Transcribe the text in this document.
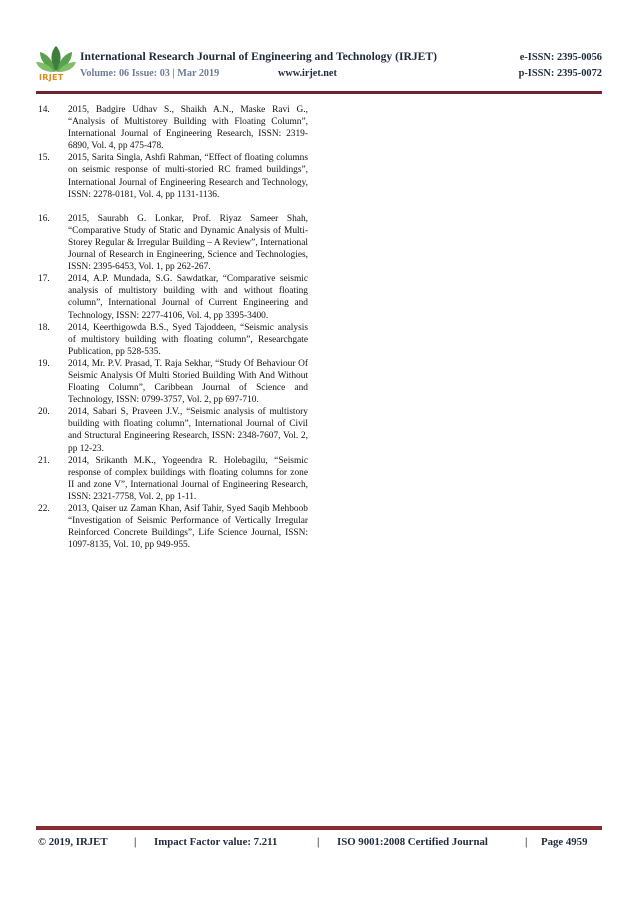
IRJET
International Research Journal of Engineering and Technology (IRJET)	e-ISSN: 2395-0056
Volume: 06 Issue: 03 | Mar 2019	www.irjet.net	p-ISSN: 2395-0072
14. 2015, Badgire Udhav S., Shaikh A.N., Maske Ravi G., “Analysis of Multistorey Building with Floating Column”, International Journal of Engineering Research, ISSN: 2319-6890, Vol. 4, pp 475-478.
15. 2015, Sarita Singla, Ashfi Rahman, “Effect of floating columns on seismic response of multi-storied RC framed buildings”, International Journal of Engineering Research and Technology, ISSN: 2278-0181, Vol. 4, pp 1131-1136.
16. 2015, Saurabh G. Lonkar, Prof. Riyaz Sameer Shah, “Comparative Study of Static and Dynamic Analysis of Multi-Storey Regular & Irregular Building – A Review”, International Journal of Research in Engineering, Science and Technologies, ISSN: 2395-6453, Vol. 1, pp 262-267.
17. 2014, A.P. Mundada, S.G. Sawdatkar, “Comparative seismic analysis of multistory building with and without floating column”, International Journal of Current Engineering and Technology, ISSN: 2277-4106, Vol. 4, pp 3395-3400.
18. 2014, Keerthigowda B.S., Syed Tajoddeen, “Seismic analysis of multistory building with floating column”, Researchgate Publication, pp 528-535.
19. 2014, Mr. P.V. Prasad, T. Raja Sekhar, “Study Of Behaviour Of Seismic Analysis Of Multi Storied Building With And Without Floating Column”, Caribbean Journal of Science and Technology, ISSN: 0799-3757, Vol. 2, pp 697-710.
20. 2014, Sabari S, Praveen J.V., “Seismic analysis of multistory building with floating column”, International Journal of Civil and Structural Engineering Research, ISSN: 2348-7607, Vol. 2, pp 12-23.
21. 2014, Srikanth M.K., Yogeendra R. Holebagilu, “Seismic response of complex buildings with floating columns for zone II and zone V”, International Journal of Engineering Research, ISSN: 2321-7758, Vol. 2, pp 1-11.
22. 2013, Qaiser uz Zaman Khan, Asif Tahir, Syed Saqib Mehboob “Investigation of Seismic Performance of Vertically Irregular Reinforced Concrete Buildings”, Life Science Journal, ISSN: 1097-8135, Vol. 10, pp 949-955.
© 2019, IRJET | Impact Factor value: 7.211	| ISO 9001:2008 Certified Journal	| Page 4959
